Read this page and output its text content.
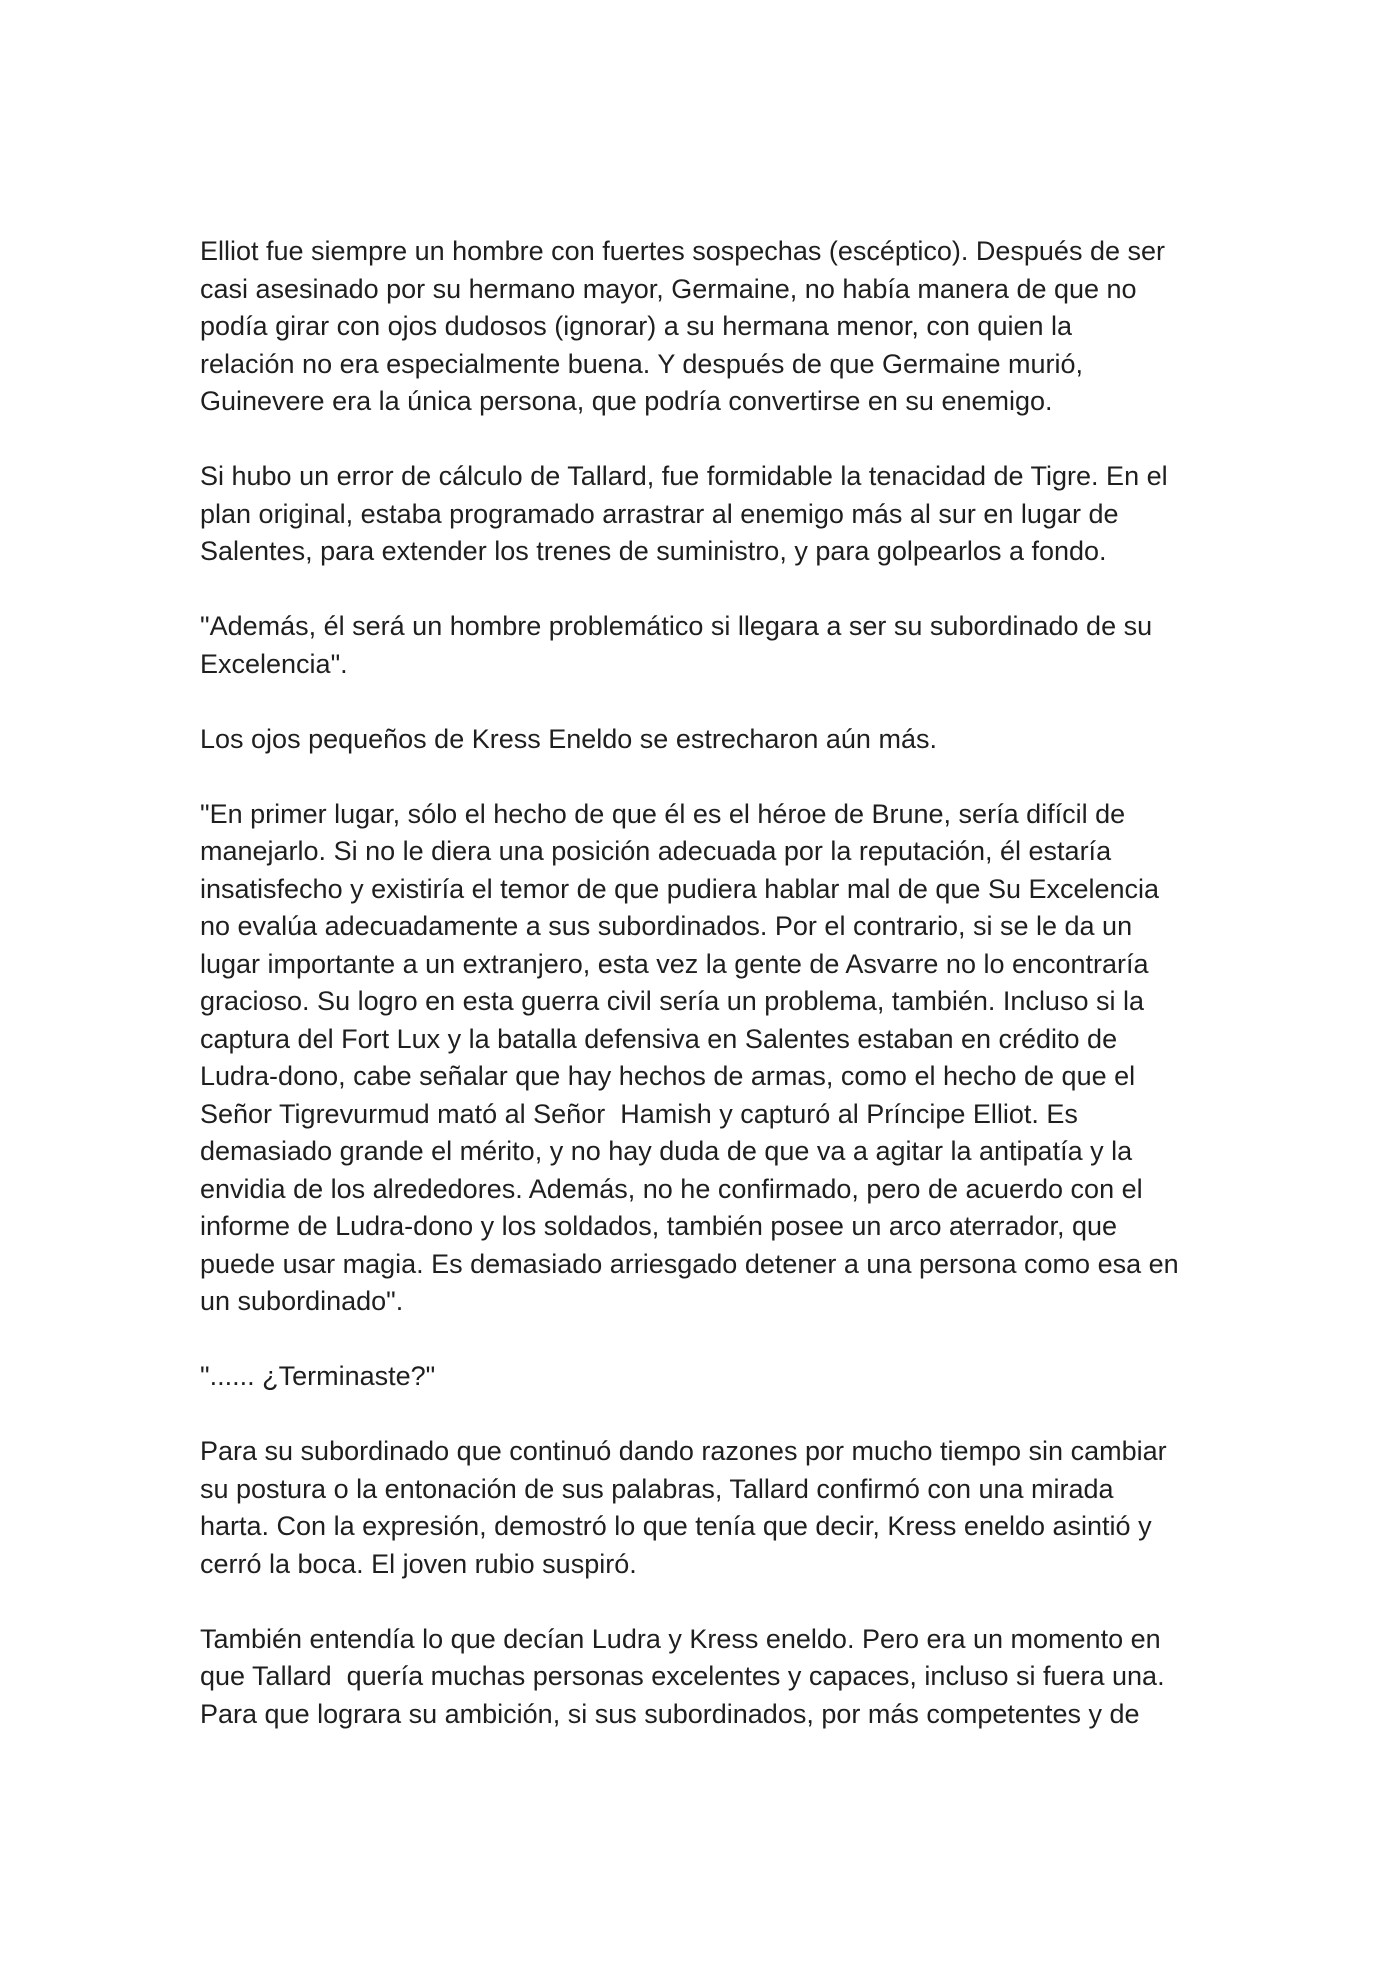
Elliot fue siempre un hombre con fuertes sospechas (escéptico). Después de ser
casi asesinado por su hermano mayor, Germaine, no había manera de que no
podía girar con ojos dudosos (ignorar) a su hermana menor, con quien la
relación no era especialmente buena. Y después de que Germaine murió,
Guinevere era la única persona, que podría convertirse en su enemigo.

Si hubo un error de cálculo de Tallard, fue formidable la tenacidad de Tigre. En el
plan original, estaba programado arrastrar al enemigo más al sur en lugar de
Salentes, para extender los trenes de suministro, y para golpearlos a fondo.

"Además, él será un hombre problemático si llegara a ser su subordinado de su
Excelencia".

Los ojos pequeños de Kress Eneldo se estrecharon aún más.

"En primer lugar, sólo el hecho de que él es el héroe de Brune, sería difícil de
manejarlo. Si no le diera una posición adecuada por la reputación, él estaría
insatisfecho y existiría el temor de que pudiera hablar mal de que Su Excelencia
no evalúa adecuadamente a sus subordinados. Por el contrario, si se le da un
lugar importante a un extranjero, esta vez la gente de Asvarre no lo encontraría
gracioso. Su logro en esta guerra civil sería un problema, también. Incluso si la
captura del Fort Lux y la batalla defensiva en Salentes estaban en crédito de
Ludra-dono, cabe señalar que hay hechos de armas, como el hecho de que el
Señor Tigrevurmud mató al Señor  Hamish y capturó al Príncipe Elliot. Es
demasiado grande el mérito, y no hay duda de que va a agitar la antipatía y la
envidia de los alrededores. Además, no he confirmado, pero de acuerdo con el
informe de Ludra-dono y los soldados, también posee un arco aterrador, que
puede usar magia. Es demasiado arriesgado detener a una persona como esa en
un subordinado".

"...... ¿Terminaste?"

Para su subordinado que continuó dando razones por mucho tiempo sin cambiar
su postura o la entonación de sus palabras, Tallard confirmó con una mirada
harta. Con la expresión, demostró lo que tenía que decir, Kress eneldo asintió y
cerró la boca. El joven rubio suspiró.

También entendía lo que decían Ludra y Kress eneldo. Pero era un momento en
que Tallard  quería muchas personas excelentes y capaces, incluso si fuera una.
Para que lograra su ambición, si sus subordinados, por más competentes y de
